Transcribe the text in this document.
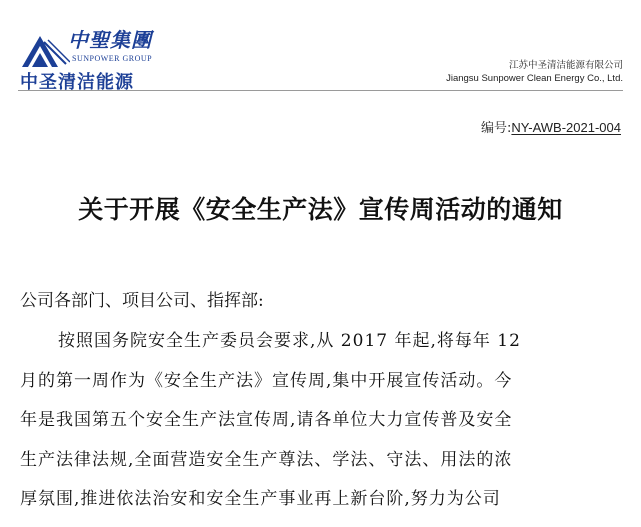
中聖集團
SUNPOWER GROUP
中圣清洁能源
江苏中圣清洁能源有限公司
Jiangsu Sunpower Clean Energy Co., Ltd.
编号:NY-AWB-2021-004
关于开展《安全生产法》宣传周活动的通知
公司各部门、项目公司、指挥部:
按照国务院安全生产委员会要求,从 2017 年起,将每年 12
月的第一周作为《安全生产法》宣传周,集中开展宣传活动。今
年是我国第五个安全生产法宣传周,请各单位大力宣传普及安全
生产法律法规,全面营造安全生产尊法、学法、守法、用法的浓
厚氛围,推进依法治安和安全生产事业再上新台阶,努力为公司
